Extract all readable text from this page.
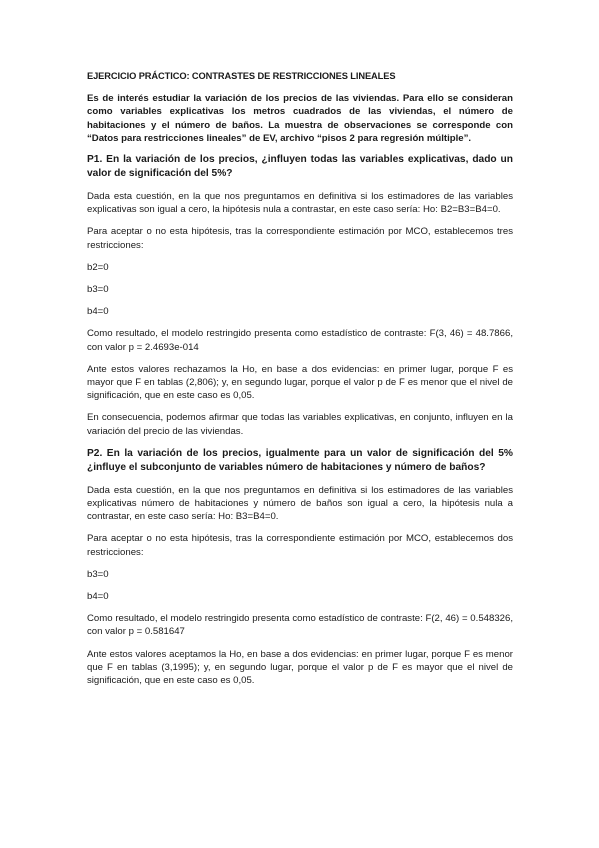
EJERCICIO PRÁCTICO: CONTRASTES DE RESTRICCIONES LINEALES

Es de interés estudiar la variación de los precios de las viviendas. Para ello se consideran como variables explicativas los metros cuadrados de las viviendas, el número de habitaciones y el número de baños. La muestra de observaciones se corresponde con “Datos para restricciones lineales” de EV, archivo “pisos 2 para regresión múltiple”.

P1. En la variación de los precios, ¿influyen todas las variables explicativas, dado un valor de significación del 5%?

Dada esta cuestión, en la que nos preguntamos en definitiva si los estimadores de las variables explicativas son igual a cero, la hipótesis nula a contrastar, en este caso sería: Ho: B2=B3=B4=0.

Para aceptar o no esta hipótesis, tras la correspondiente estimación por MCO, establecemos tres restricciones:

b2=0

b3=0

b4=0

Como resultado, el modelo restringido presenta como estadístico de contraste: F(3, 46) = 48.7866, con valor p = 2.4693e-014

Ante estos valores rechazamos la Ho, en base a dos evidencias: en primer lugar, porque F es mayor que F en tablas (2,806); y, en segundo lugar, porque el valor p de F es menor que el nivel de significación, que en este caso es 0,05.

En consecuencia, podemos afirmar que todas las variables explicativas, en conjunto, influyen en la variación del precio de las viviendas.

P2. En la variación de los precios, igualmente para un valor de significación del 5% ¿influye el subconjunto de variables número de habitaciones y número de baños?

Dada esta cuestión, en la que nos preguntamos en definitiva si los estimadores de las variables explicativas número de habitaciones y número de baños son igual a cero, la hipótesis nula a contrastar, en este caso sería: Ho: B3=B4=0.

Para aceptar o no esta hipótesis, tras la correspondiente estimación por MCO, establecemos dos restricciones:

b3=0

b4=0

Como resultado, el modelo restringido presenta como estadístico de contraste: F(2, 46) = 0.548326, con valor p = 0.581647

Ante estos valores aceptamos la Ho, en base a dos evidencias: en primer lugar, porque F es menor que F en tablas (3,1995); y, en segundo lugar, porque el valor p de F es mayor que el nivel de significación, que en este caso es 0,05.
